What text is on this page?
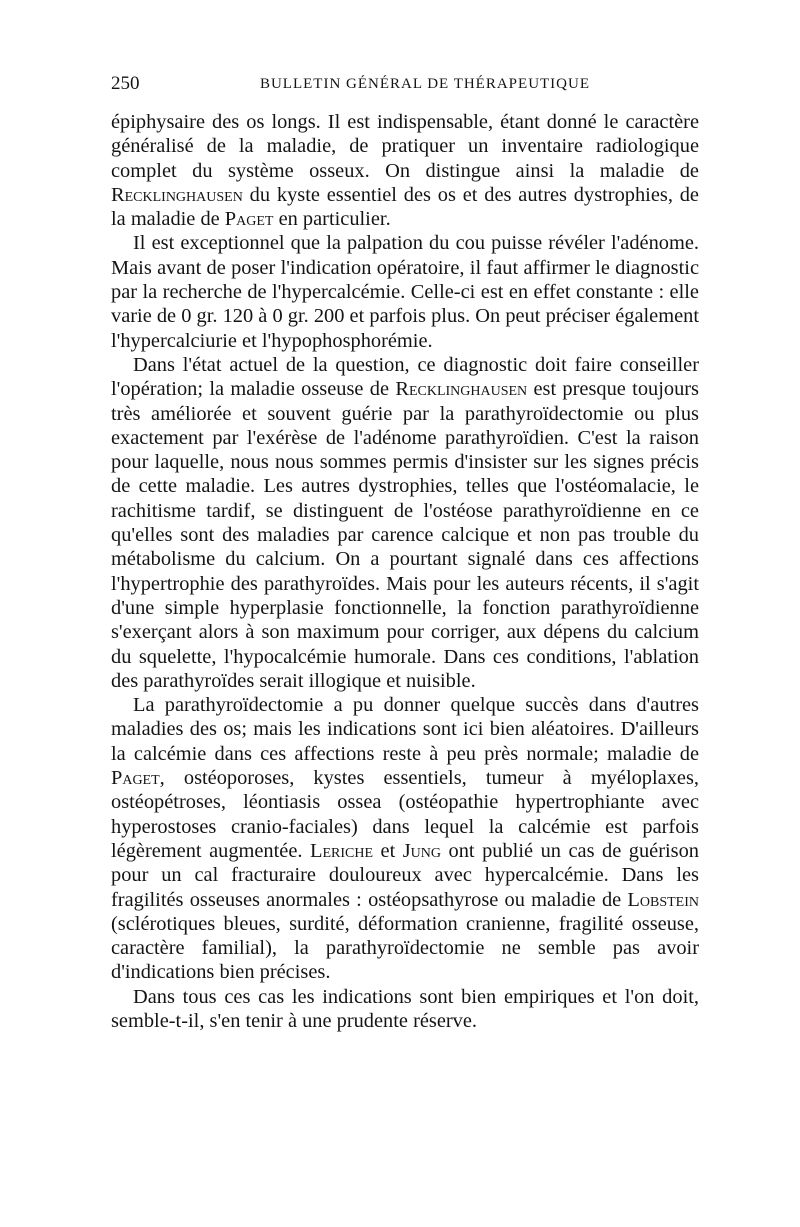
250	BULLETIN GÉNÉRAL DE THÉRAPEUTIQUE

épiphysaire des os longs. Il est indispensable, étant donné le caractère généralisé de la maladie, de pratiquer un inventaire radiologique complet du système osseux. On distingue ainsi la maladie de Recklinghausen du kyste essentiel des os et des autres dystrophies, de la maladie de Paget en particulier.

Il est exceptionnel que la palpation du cou puisse révéler l'adénome. Mais avant de poser l'indication opératoire, il faut affirmer le diagnostic par la recherche de l'hypercalcémie. Celle-ci est en effet constante : elle varie de 0 gr. 120 à 0 gr. 200 et parfois plus. On peut préciser également l'hypercalciurie et l'hypophosphorémie.

Dans l'état actuel de la question, ce diagnostic doit faire conseiller l'opération; la maladie osseuse de Recklinghausen est presque toujours très améliorée et souvent guérie par la parathyroïdectomie ou plus exactement par l'exérèse de l'adénome parathyroïdien. C'est la raison pour laquelle, nous nous sommes permis d'insister sur les signes précis de cette maladie. Les autres dystrophies, telles que l'ostéomalacie, le rachitisme tardif, se distinguent de l'ostéose parathyroïdienne en ce qu'elles sont des maladies par carence calcique et non pas trouble du métabolisme du calcium. On a pourtant signalé dans ces affections l'hypertrophie des parathyroïdes. Mais pour les auteurs récents, il s'agit d'une simple hyperplasie fonctionnelle, la fonction parathyroïdienne s'exerçant alors à son maximum pour corriger, aux dépens du calcium du squelette, l'hypocalcémie humorale. Dans ces conditions, l'ablation des parathyroïdes serait illogique et nuisible.

La parathyroïdectomie a pu donner quelque succès dans d'autres maladies des os; mais les indications sont ici bien aléatoires. D'ailleurs la calcémie dans ces affections reste à peu près normale; maladie de Paget, ostéoporoses, kystes essentiels, tumeur à myéloplaxes, ostéopétroses, léontiasis ossea (ostéopathie hypertrophiante avec hyperostoses cranio-faciales) dans lequel la calcémie est parfois légèrement augmentée. Leriche et Jung ont publié un cas de guérison pour un cal fracturaire douloureux avec hypercalcémie. Dans les fragilités osseuses anormales : ostéopsathyrose ou maladie de Lobstein (sclérotiques bleues, surdité, déformation cranienne, fragilité osseuse, caractère familial), la parathyroïdectomie ne semble pas avoir d'indications bien précises.

Dans tous ces cas les indications sont bien empiriques et l'on doit, semble-t-il, s'en tenir à une prudente réserve.
